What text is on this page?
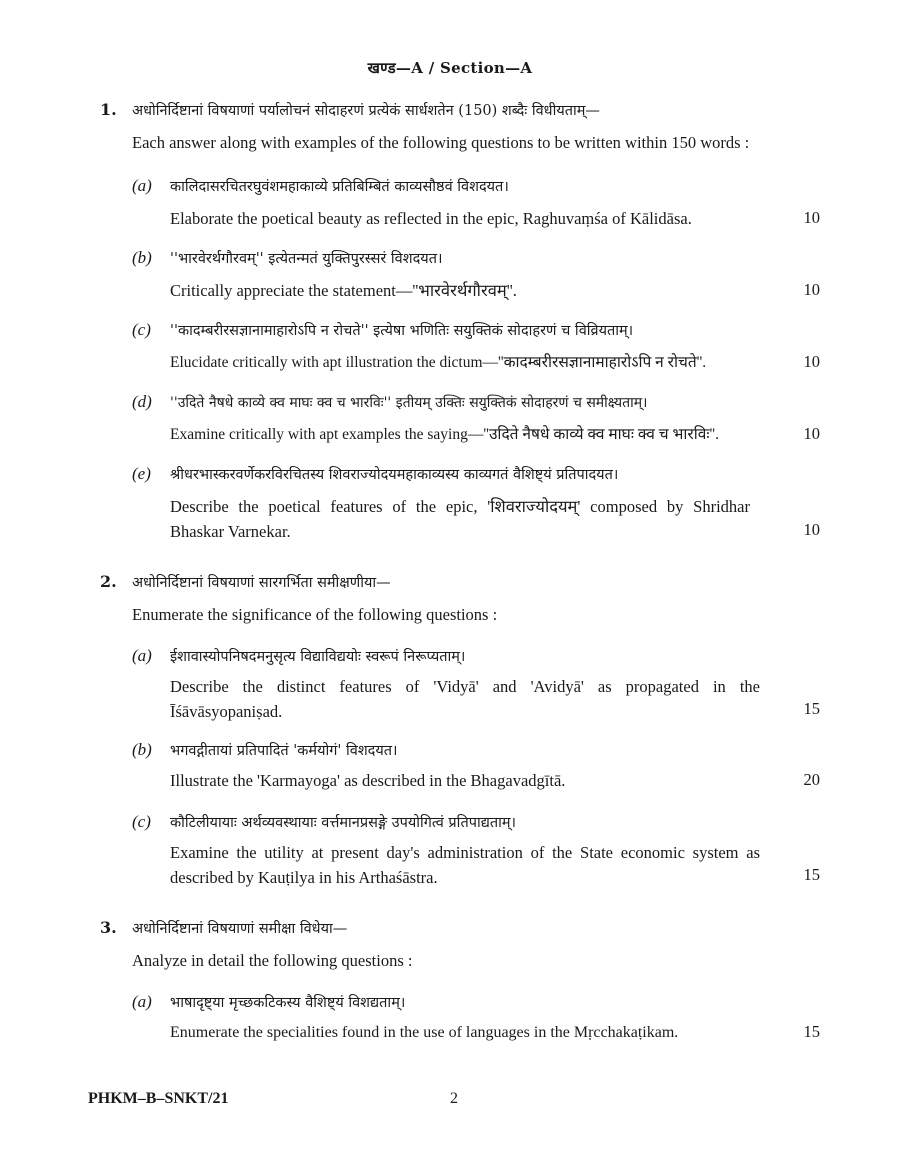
खण्ड—A / Section—A
1. अधोनिर्दिष्टानां विषयाणां पर्यालोचनं सोदाहरणं प्रत्येकं सार्धशतेन (150) शब्दैः विधीयताम्—
Each answer along with examples of the following questions to be written within 150 words :
(a) कालिदासरचितरघुवंशमहाकाव्ये प्रतिबिम्बितं काव्यसौष्ठवं विशदयत।
Elaborate the poetical beauty as reflected in the epic, Raghuvaṃśa of Kālidāsa.	10
(b) ''भारवेरर्थगौरवम्'' इत्येतन्मतं युक्तिपुरस्सरं विशदयत।
Critically appreciate the statement—''भारवेरर्थगौरवम्''.	10
(c) ''कादम्बरीरसज्ञानामाहारोऽपि न रोचते'' इत्येषा भणितिः सयुक्तिकं सोदाहरणं च विव्रियताम्।
Elucidate critically with apt illustration the dictum—''कादम्बरीरसज्ञानामाहारोऽपि न रोचते''.	10
(d) ''उदिते नैषधे काव्ये क्व माघः क्व च भारविः'' इतीयम् उक्तिः सयुक्तिकं सोदाहरणं च समीक्ष्यताम्।
Examine critically with apt examples the saying—''उदिते नैषधे काव्ये क्व माघः क्व च भारविः''.	10
(e) श्रीधरभास्करवर्णेकरविरचितस्य शिवराज्योदयमहाकाव्यस्य काव्यगतं वैशिष्ट्यं प्रतिपादयत।
Describe the poetical features of the epic, 'शिवराज्योदयम्' composed by Shridhar Bhaskar Varnekar.	10
2. अधोनिर्दिष्टानां विषयाणां सारगर्भिता समीक्षणीया—
Enumerate the significance of the following questions :
(a) ईशावास्योपनिषदमनुसृत्य विद्याविद्ययोः स्वरूपं निरूप्यताम्।
Describe the distinct features of 'Vidyā' and 'Avidyā' as propagated in the Īśāvāsyopaniṣad.	15
(b) भगवद्गीतायां प्रतिपादितं 'कर्मयोगं' विशदयत।
Illustrate the 'Karmayoga' as described in the Bhagavadgītā.	20
(c) कौटिलीयायाः अर्थव्यवस्थायाः वर्त्तमानप्रसङ्गे उपयोगित्वं प्रतिपाद्यताम्।
Examine the utility at present day's administration of the State economic system as described by Kauṭilya in his Arthaśāstra.	15
3. अधोनिर्दिष्टानां विषयाणां समीक्षा विधेया—
Analyze in detail the following questions :
(a) भाषादृष्ट्या मृच्छकटिकस्य वैशिष्ट्यं विशद्यताम्।
Enumerate the specialities found in the use of languages in the Mṛcchakaṭikam.	15
PHKM–B–SNKT/21	2
